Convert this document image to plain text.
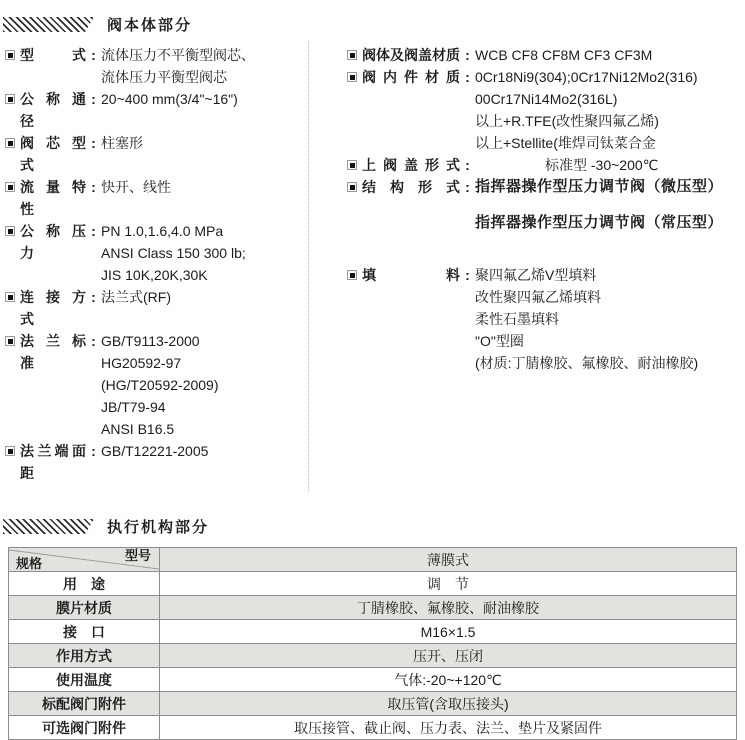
阀本体部分
型 式 : 流体压力不平衡型阀芯、
流体压力平衡型阀芯
公 称 通 径
: 20~400 mm(3/4"~16")
阀 芯 型 式
: 柱塞形
流 量 特 性
: 快开、线性
公 称 压 力
: PN 1.0,1.6,4.0 MPa
ANSI Class 150 300 lb;
JIS 10K,20K,30K
连 接 方 式
: 法兰式(RF)
法 兰 标 准
: GB/T9113-2000
HG20592-97
(HG/T20592-2009)
JB/T79-94
ANSI B16.5
法兰端面距
: GB/T12221-2005
阀体及阀盖材质 : WCB CF8 CF8M CF3 CF3M
阀 内 件 材 质 : 0Cr18Ni9(304);0Cr17Ni12Mo2(316)
00Cr17Ni14Mo2(316L)
以上+R.TFE(改性聚四氟乙烯)
以上+Stellite(堆焊司钛菜合金
上 阀 盖 形 式 :	标准型 -30~200℃
结 构 形 式 : 指挥器操作型压力调节阀（微压型）
指挥器操作型压力调节阀（常压型）
填 料 : 聚四氟乙烯V型填料
改性聚四氟乙烯填料
柔性石墨填料
"O"型圈
(材质:丁腈橡胶、氟橡胶、耐油橡胶)
执行机构部分
型号
规格	薄膜式
用　途	调　节
膜片材质	丁腈橡胶、氟橡胶、耐油橡胶
接　口	M16×1.5
作用方式	压开、压闭
使用温度	气体:-20~+120℃
标配阀门附件	取压管(含取压接头)
可选阀门附件	取压接管、截止阀、压力表、法兰、垫片及紧固件
